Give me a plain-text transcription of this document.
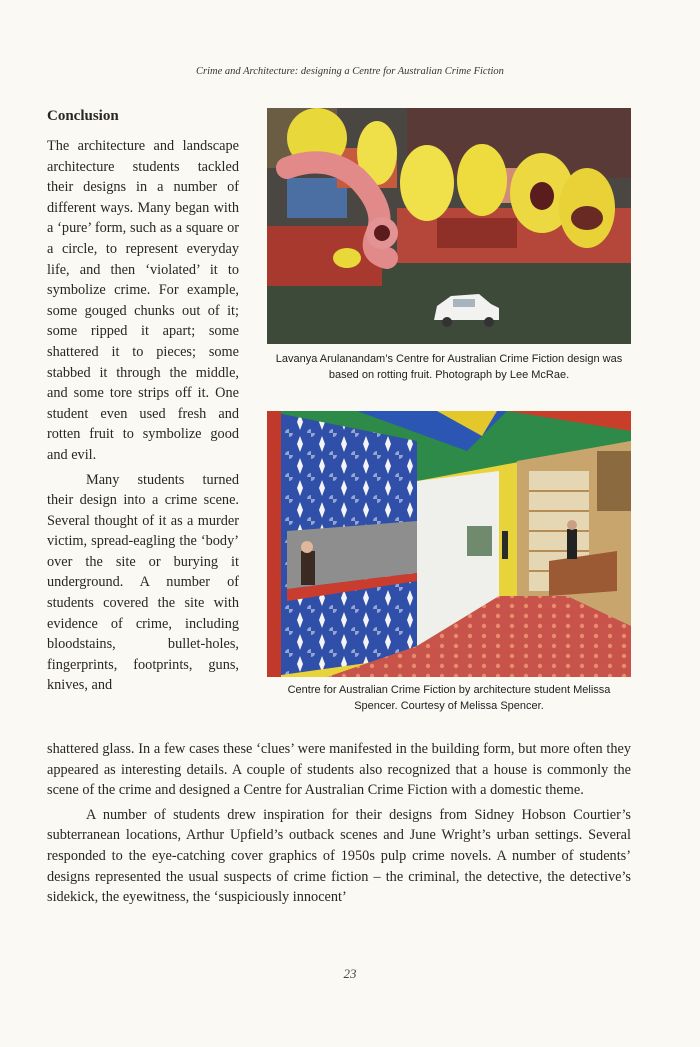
Crime and Architecture: designing a Centre for Australian Crime Fiction
Conclusion

The architecture and landscape architecture students tackled their designs in a number of different ways. Many began with a ‘pure’ form, such as a square or a circle, to represent everyday life, and then ‘violated’ it to symbolize crime. For example, some gouged chunks out of it; some ripped it apart; some shattered it to pieces; some stabbed it through the middle, and some tore strips off it. One student even used fresh and rotten fruit to symbolize good and evil.

Many students turned their design into a crime scene. Several thought of it as a murder victim, spread-eagling the ‘body’ over the site or burying it underground. A number of students covered the site with evidence of crime, including bloodstains, bullet-holes, fingerprints, footprints, guns, knives, and

Lavanya Arulanandam’s Centre for Australian Crime Fiction design was based on rotting fruit. Photograph by Lee McRae.
Centre for Australian Crime Fiction by architecture student Melissa Spencer. Courtesy of Melissa Spencer.

shattered glass. In a few cases these ‘clues’ were manifested in the building form, but more often they appeared as interesting details. A couple of students also recognized that a house is commonly the scene of the crime and designed a Centre for Australian Crime Fiction with a domestic theme.

A number of students drew inspiration for their designs from Sidney Hobson Courtier’s subterranean locations, Arthur Upfield’s outback scenes and June Wright’s urban settings. Several responded to the eye-catching cover graphics of 1950s pulp crime novels. A number of students’ designs represented the usual suspects of crime fiction – the criminal, the detective, the detective’s sidekick, the eyewitness, the ‘suspiciously innocent’

23
